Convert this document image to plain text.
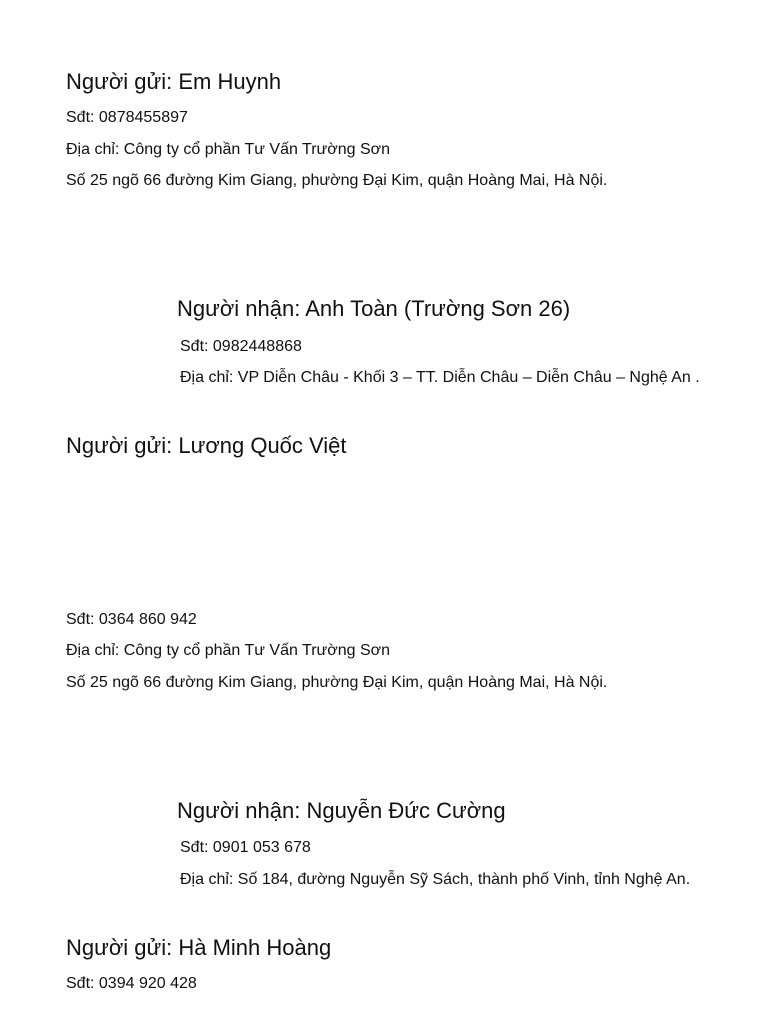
Người gửi: Em Huynh
Sđt: 0878455897
Địa chỉ: Công ty cổ phần Tư Vấn Trường Sơn
Số 25 ngõ 66 đường Kim Giang, phường Đại Kim, quận Hoàng Mai, Hà Nội.
Người nhận: Anh Toàn (Trường Sơn 26)
Sđt: 0982448868
Địa chỉ: VP Diễn Châu - Khối 3 – TT. Diễn Châu – Diễn Châu – Nghệ An .
Người gửi: Lương Quốc Việt
Sđt: 0364 860 942
Địa chỉ: Công ty cổ phần Tư Vấn Trường Sơn
Số 25 ngõ 66 đường Kim Giang, phường Đại Kim, quận Hoàng Mai, Hà Nội.
Người nhận: Nguyễn Đức Cường
Sđt: 0901 053 678
Địa chỉ: Số 184, đường Nguyễn Sỹ Sách, thành phố Vinh, tỉnh Nghệ An.
Người gửi: Hà Minh Hoàng
Sđt: 0394 920 428
